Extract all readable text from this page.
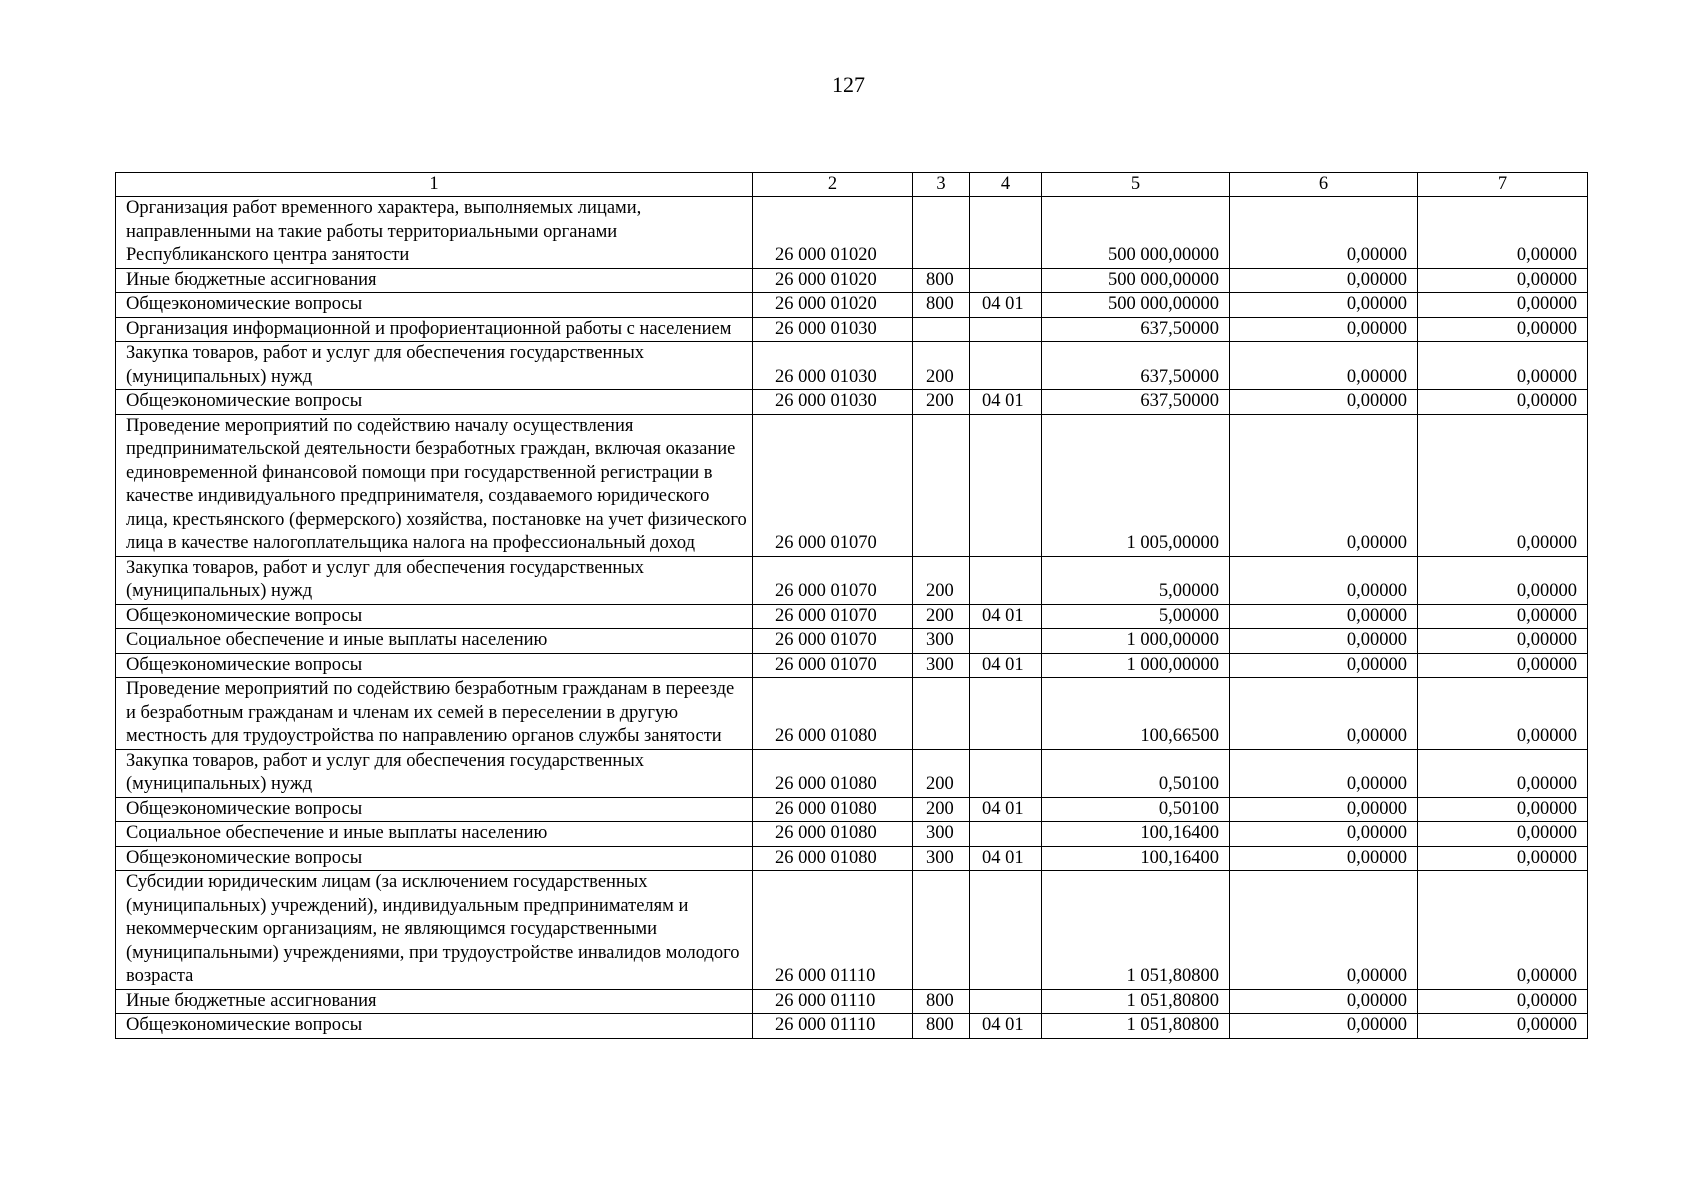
127
1	2	3	4	5	6	7
Организация работ временного характера, выполняемых лицами, направленными на такие работы территориальными органами Республиканского центра занятости	26 000 01020			500 000,00000	0,00000	0,00000
Иные бюджетные ассигнования	26 000 01020	800		500 000,00000	0,00000	0,00000
Общеэкономические вопросы	26 000 01020	800	04 01	500 000,00000	0,00000	0,00000
Организация информационной и профориентационной работы с населением	26 000 01030			637,50000	0,00000	0,00000
Закупка товаров, работ и услуг для обеспечения государственных (муниципальных) нужд	26 000 01030	200		637,50000	0,00000	0,00000
Общеэкономические вопросы	26 000 01030	200	04 01	637,50000	0,00000	0,00000
Проведение мероприятий по содействию началу осуществления предпринимательской деятельности безработных граждан, включая оказание единовременной финансовой помощи при государственной регистрации в качестве индивидуального предпринимателя, создаваемого юридического лица, крестьянского (фермерского) хозяйства, постановке на учет физического лица в качестве налогоплательщика налога на профессиональный доход	26 000 01070			1 005,00000	0,00000	0,00000
Закупка товаров, работ и услуг для обеспечения государственных (муниципальных) нужд	26 000 01070	200		5,00000	0,00000	0,00000
Общеэкономические вопросы	26 000 01070	200	04 01	5,00000	0,00000	0,00000
Социальное обеспечение и иные выплаты населению	26 000 01070	300		1 000,00000	0,00000	0,00000
Общеэкономические вопросы	26 000 01070	300	04 01	1 000,00000	0,00000	0,00000
Проведение мероприятий по содействию безработным гражданам в переезде и безработным гражданам и членам их семей в переселении в другую местность для трудоустройства по направлению органов службы занятости	26 000 01080			100,66500	0,00000	0,00000
Закупка товаров, работ и услуг для обеспечения государственных (муниципальных) нужд	26 000 01080	200		0,50100	0,00000	0,00000
Общеэкономические вопросы	26 000 01080	200	04 01	0,50100	0,00000	0,00000
Социальное обеспечение и иные выплаты населению	26 000 01080	300		100,16400	0,00000	0,00000
Общеэкономические вопросы	26 000 01080	300	04 01	100,16400	0,00000	0,00000
Субсидии юридическим лицам (за исключением государственных (муниципальных) учреждений), индивидуальным предпринимателям и некоммерческим организациям, не являющимся государственными (муниципальными) учреждениями, при трудоустройстве инвалидов молодого возраста	26 000 01110			1 051,80800	0,00000	0,00000
Иные бюджетные ассигнования	26 000 01110	800		1 051,80800	0,00000	0,00000
Общеэкономические вопросы	26 000 01110	800	04 01	1 051,80800	0,00000	0,00000
